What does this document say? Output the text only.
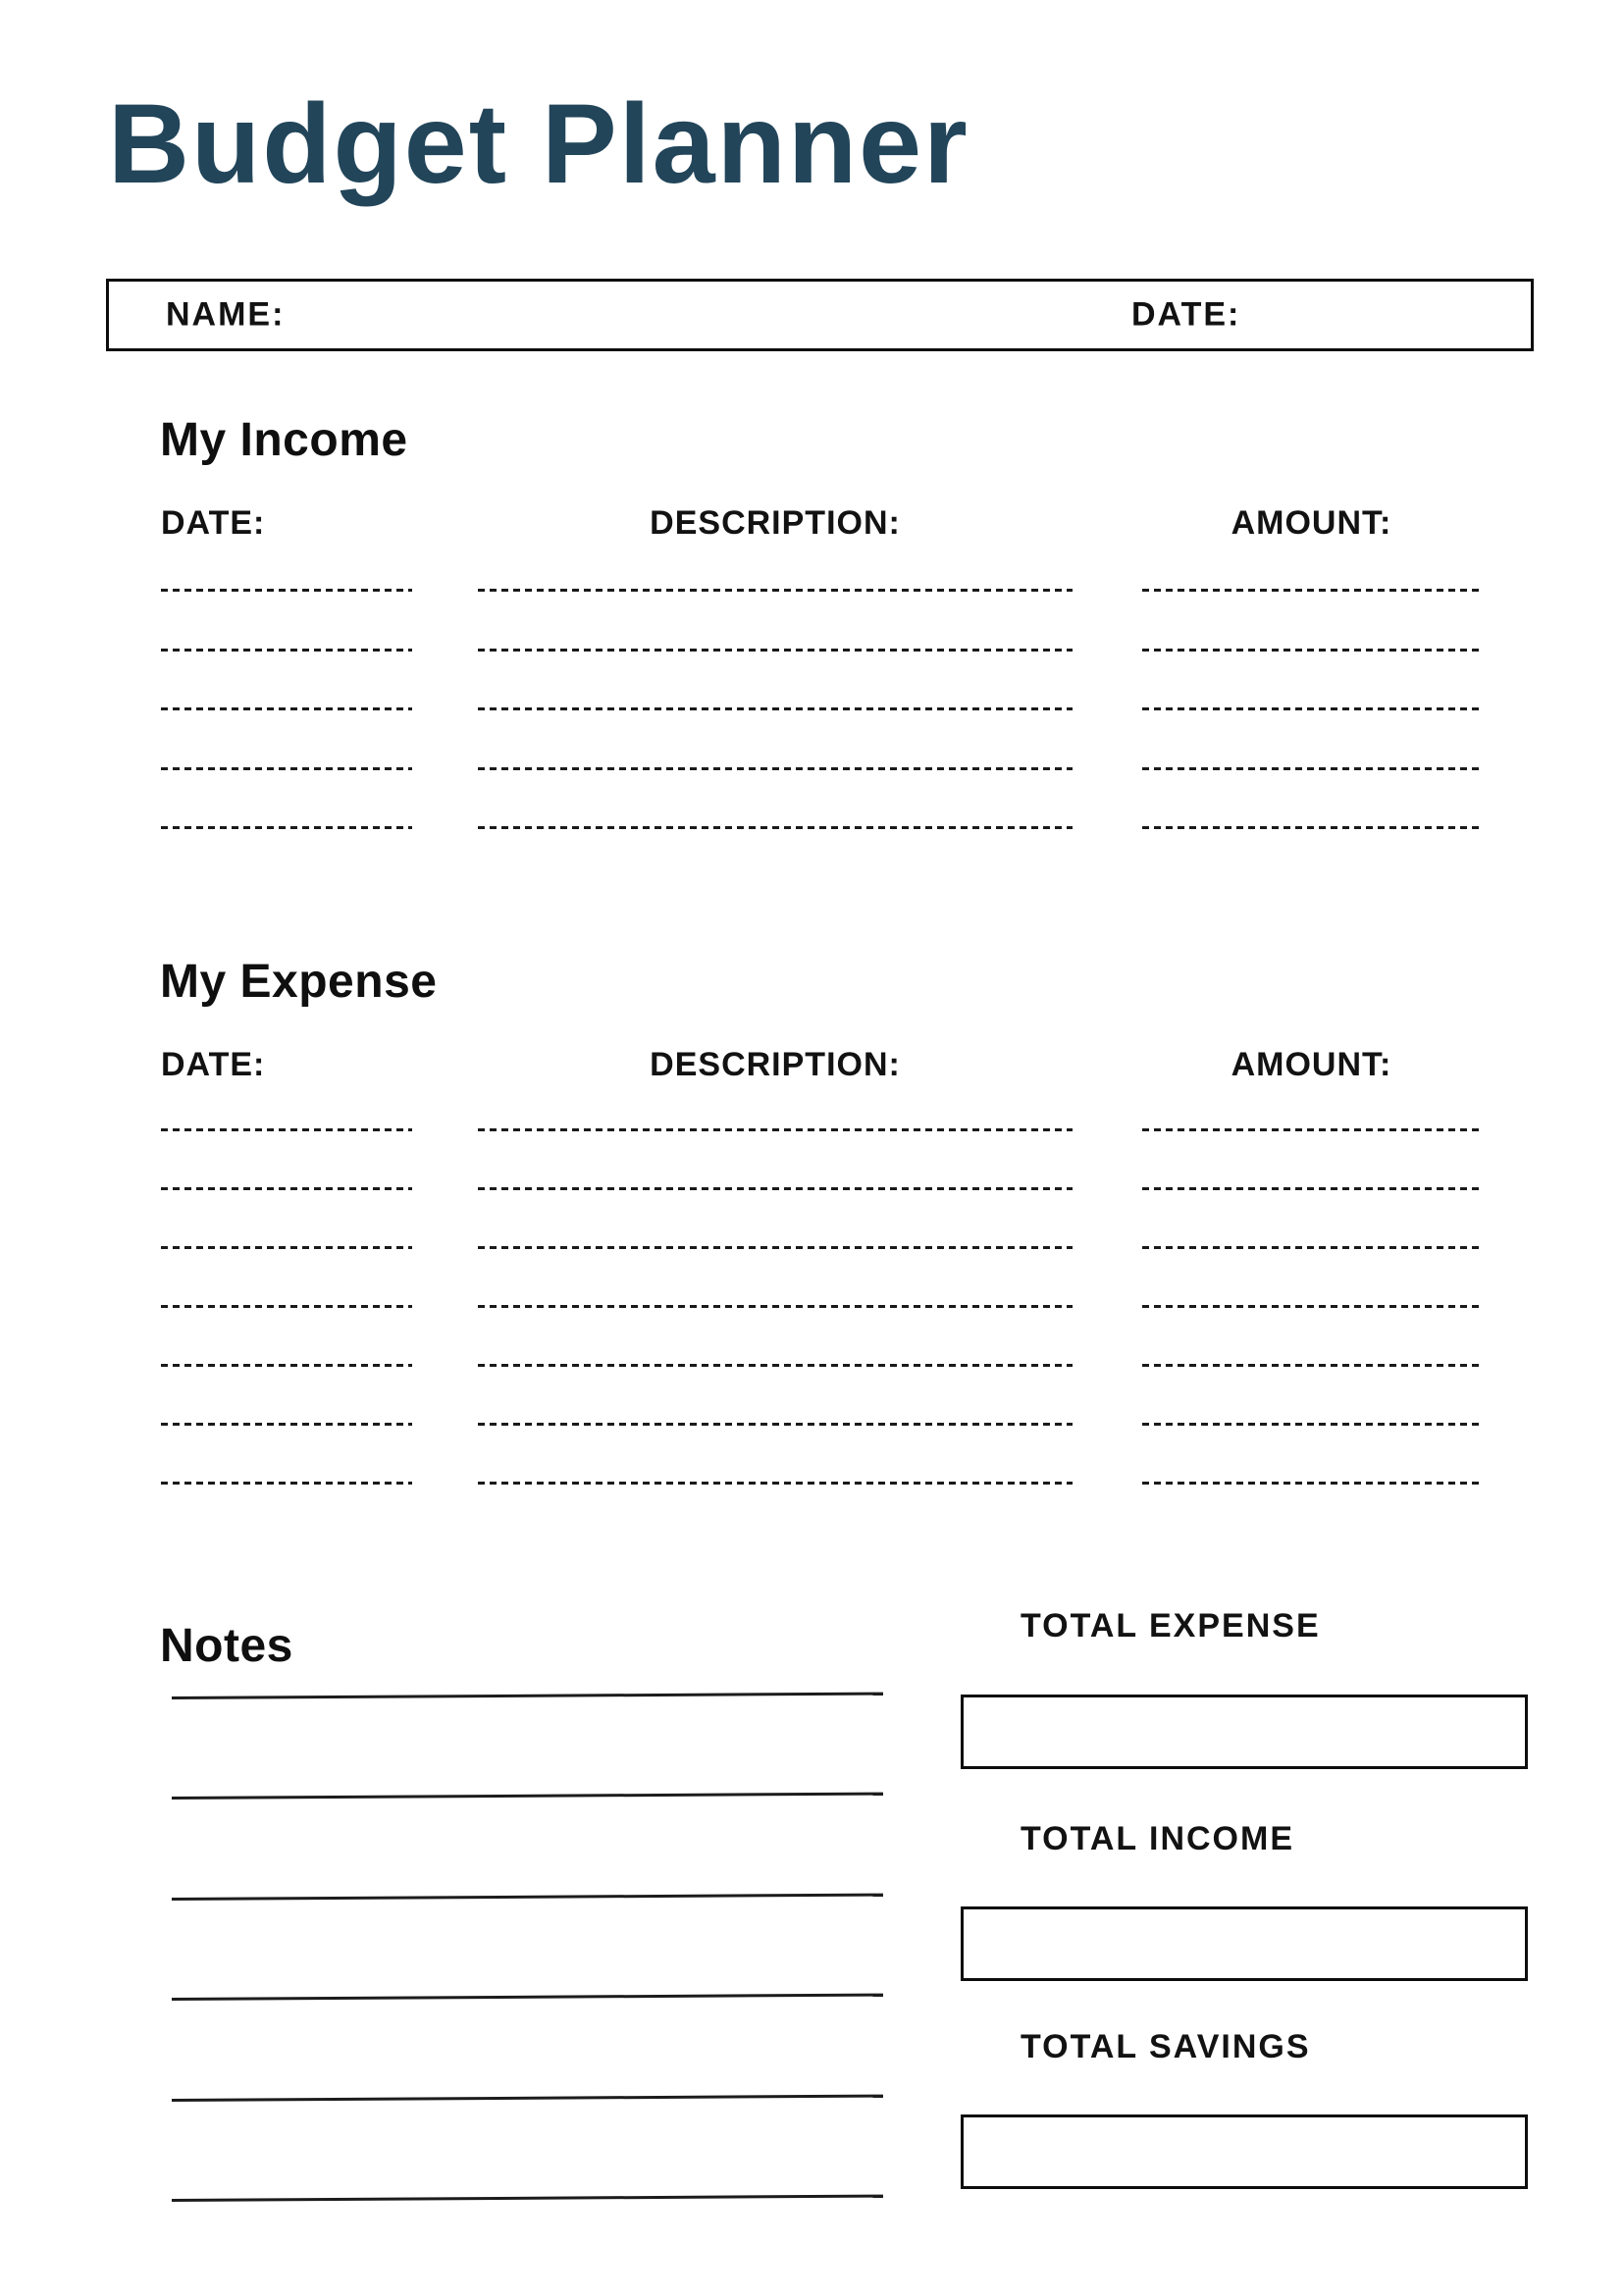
Budget Planner
NAME:	DATE:
My Income
DATE:	DESCRIPTION:	AMOUNT:
My Expense
DATE:	DESCRIPTION:	AMOUNT:
Notes	TOTAL EXPENSE
TOTAL INCOME
TOTAL SAVINGS
